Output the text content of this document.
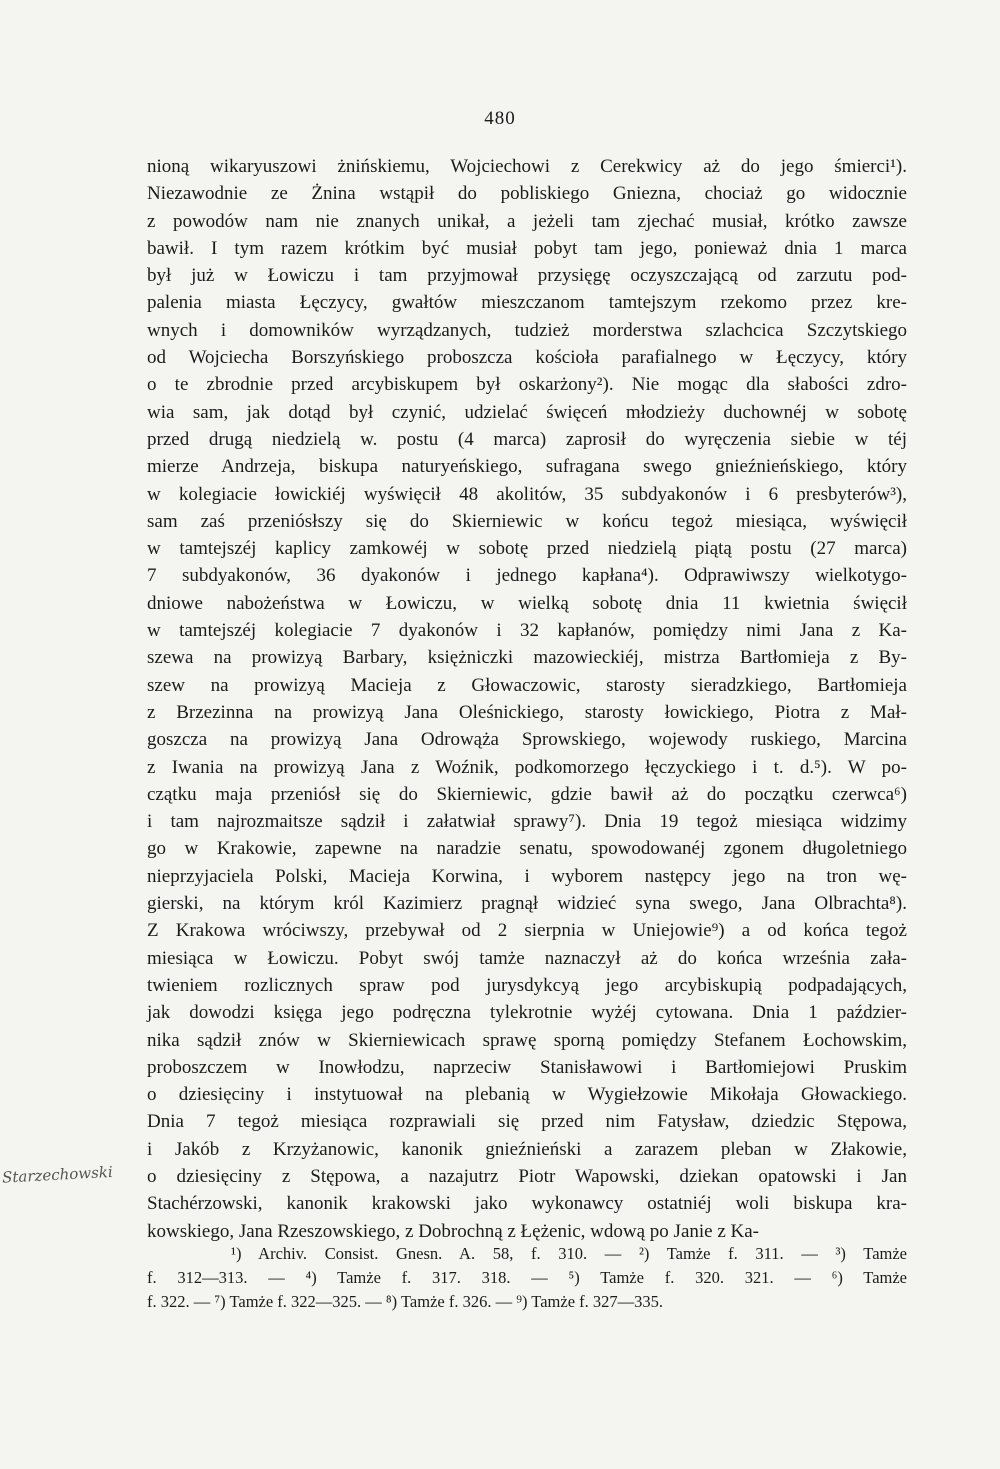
480
nioną wikaryuszowi żnińskiemu, Wojciechowi z Cerekwicy aż do jego śmierci¹).
Niezawodnie ze Żnina wstąpił do pobliskiego Gniezna, chociaż go widocznie
z powodów nam nie znanych unikał, a jeżeli tam zjechać musiał, krótko zawsze
bawił. I tym razem krótkim być musiał pobyt tam jego, ponieważ dnia 1 marca
był już w Łowiczu i tam przyjmował przysięgę oczyszczającą od zarzutu pod-
palenia miasta Łęczycy, gwałtów mieszczanom tamtejszym rzekomo przez kre-
wnych i domowników wyrządzanych, tudzież morderstwa szlachcica Szczytskiego
od Wojciecha Borszyńskiego proboszcza kościoła parafialnego w Łęczycy, który
o te zbrodnie przed arcybiskupem był oskarżony²). Nie mogąc dla słabości zdro-
wia sam, jak dotąd był czynić, udzielać święceń młodzieży duchownéj w sobotę
przed drugą niedzielą w. postu (4 marca) zaprosił do wyręczenia siebie w téj
mierze Andrzeja, biskupa naturyeńskiego, sufragana swego gnieźnieńskiego, który
w kolegiacie łowickiéj wyświęcił 48 akolitów, 35 subdyakonów i 6 presbyterów³),
sam zaś przeniósłszy się do Skierniewic w końcu tegoż miesiąca, wyświęcił
w tamtejszéj kaplicy zamkowéj w sobotę przed niedzielą piątą postu (27 marca)
7 subdyakonów, 36 dyakonów i jednego kapłana⁴). Odprawiwszy wielkotygo-
dniowe nabożeństwa w Łowiczu, w wielką sobotę dnia 11 kwietnia święcił
w tamtejszéj kolegiacie 7 dyakonów i 32 kapłanów, pomiędzy nimi Jana z Ka-
szewa na prowizyą Barbary, księżniczki mazowieckiéj, mistrza Bartłomieja z By-
szew na prowizyą Macieja z Głowaczowic, starosty sieradzkiego, Bartłomieja
z Brzezinna na prowizyą Jana Oleśnickiego, starosty łowickiego, Piotra z Mał-
goszcza na prowizyą Jana Odrowąża Sprowskiego, wojewody ruskiego, Marcina
z Iwania na prowizyą Jana z Woźnik, podkomorzego łęczyckiego i t. d.⁵). W po-
czątku maja przeniósł się do Skierniewic, gdzie bawił aż do początku czerwca⁶)
i tam najrozmaitsze sądził i załatwiał sprawy⁷). Dnia 19 tegoż miesiąca widzimy
go w Krakowie, zapewne na naradzie senatu, spowodowanéj zgonem długoletniego
nieprzyjaciela Polski, Macieja Korwina, i wyborem następcy jego na tron wę-
gierski, na którym król Kazimierz pragnął widzieć syna swego, Jana Olbrachta⁸).
Z Krakowa wróciwszy, przebywał od 2 sierpnia w Uniejowie⁹) a od końca tegoż
miesiąca w Łowiczu. Pobyt swój tamże naznaczył aż do końca września zała-
twieniem rozlicznych spraw pod jurysdykcyą jego arcybiskupią podpadających,
jak dowodzi księga jego podręczna tylekrotnie wyżéj cytowana. Dnia 1 paździer-
nika sądził znów w Skierniewicach sprawę sporną pomiędzy Stefanem Łochowskim,
proboszczem w Inowłodzu, naprzeciw Stanisławowi i Bartłomiejowi Pruskim
o dziesięciny i instytuował na plebanią w Wygiełzowie Mikołaja Głowackiego.
Dnia 7 tegoż miesiąca rozprawiali się przed nim Fatysław, dziedzic Stępowa,
i Jakób z Krzyżanowic, kanonik gnieźnieński a zarazem pleban w Złakowie,
o dziesięciny z Stępowa, a nazajutrz Piotr Wapowski, dziekan opatowski i Jan
Stachérzowski, kanonik krakowski jako wykonawcy ostatniéj woli biskupa kra-
kowskiego, Jana Rzeszowskiego, z Dobrochną z Łężenic, wdową po Janie z Ka-
Starzechowski
¹) Archiv. Consist. Gnesn. A. 58, f. 310. — ²) Tamże f. 311. — ³) Tamże
f. 312—313. — ⁴) Tamże f. 317. 318. — ⁵) Tamże f. 320. 321. — ⁶) Tamże
f. 322. — ⁷) Tamże f. 322—325. — ⁸) Tamże f. 326. — ⁹) Tamże f. 327—335.
